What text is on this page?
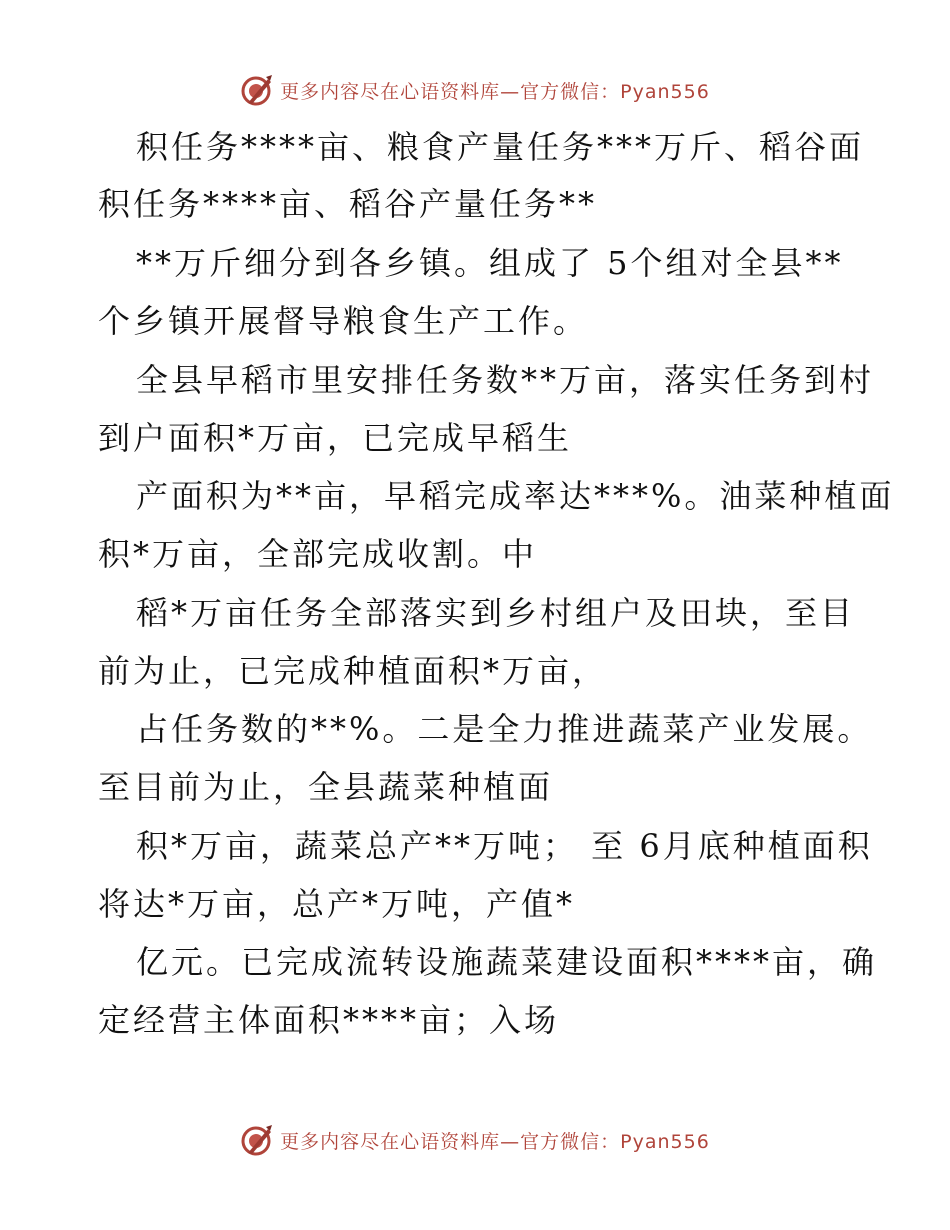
更多内容尽在心语资料库—官方微信：Pyan556
积任务****亩、粮食产量任务***万斤、稻谷面
积任务****亩、稻谷产量任务**
**万斤细分到各乡镇。组成了 5个组对全县**
个乡镇开展督导粮食生产工作。
全县早稻市里安排任务数**万亩，落实任务到村
到户面积*万亩，已完成早稻生
产面积为**亩，早稻完成率达***%。油菜种植面
积*万亩，全部完成收割。中
稻*万亩任务全部落实到乡村组户及田块，至目
前为止，已完成种植面积*万亩，
占任务数的**%。二是全力推进蔬菜产业发展。
至目前为止，全县蔬菜种植面
积*万亩，蔬菜总产**万吨； 至 6月底种植面积
将达*万亩，总产*万吨，产值*
亿元。已完成流转设施蔬菜建设面积****亩，确
定经营主体面积****亩；入场
更多内容尽在心语资料库—官方微信：Pyan556
